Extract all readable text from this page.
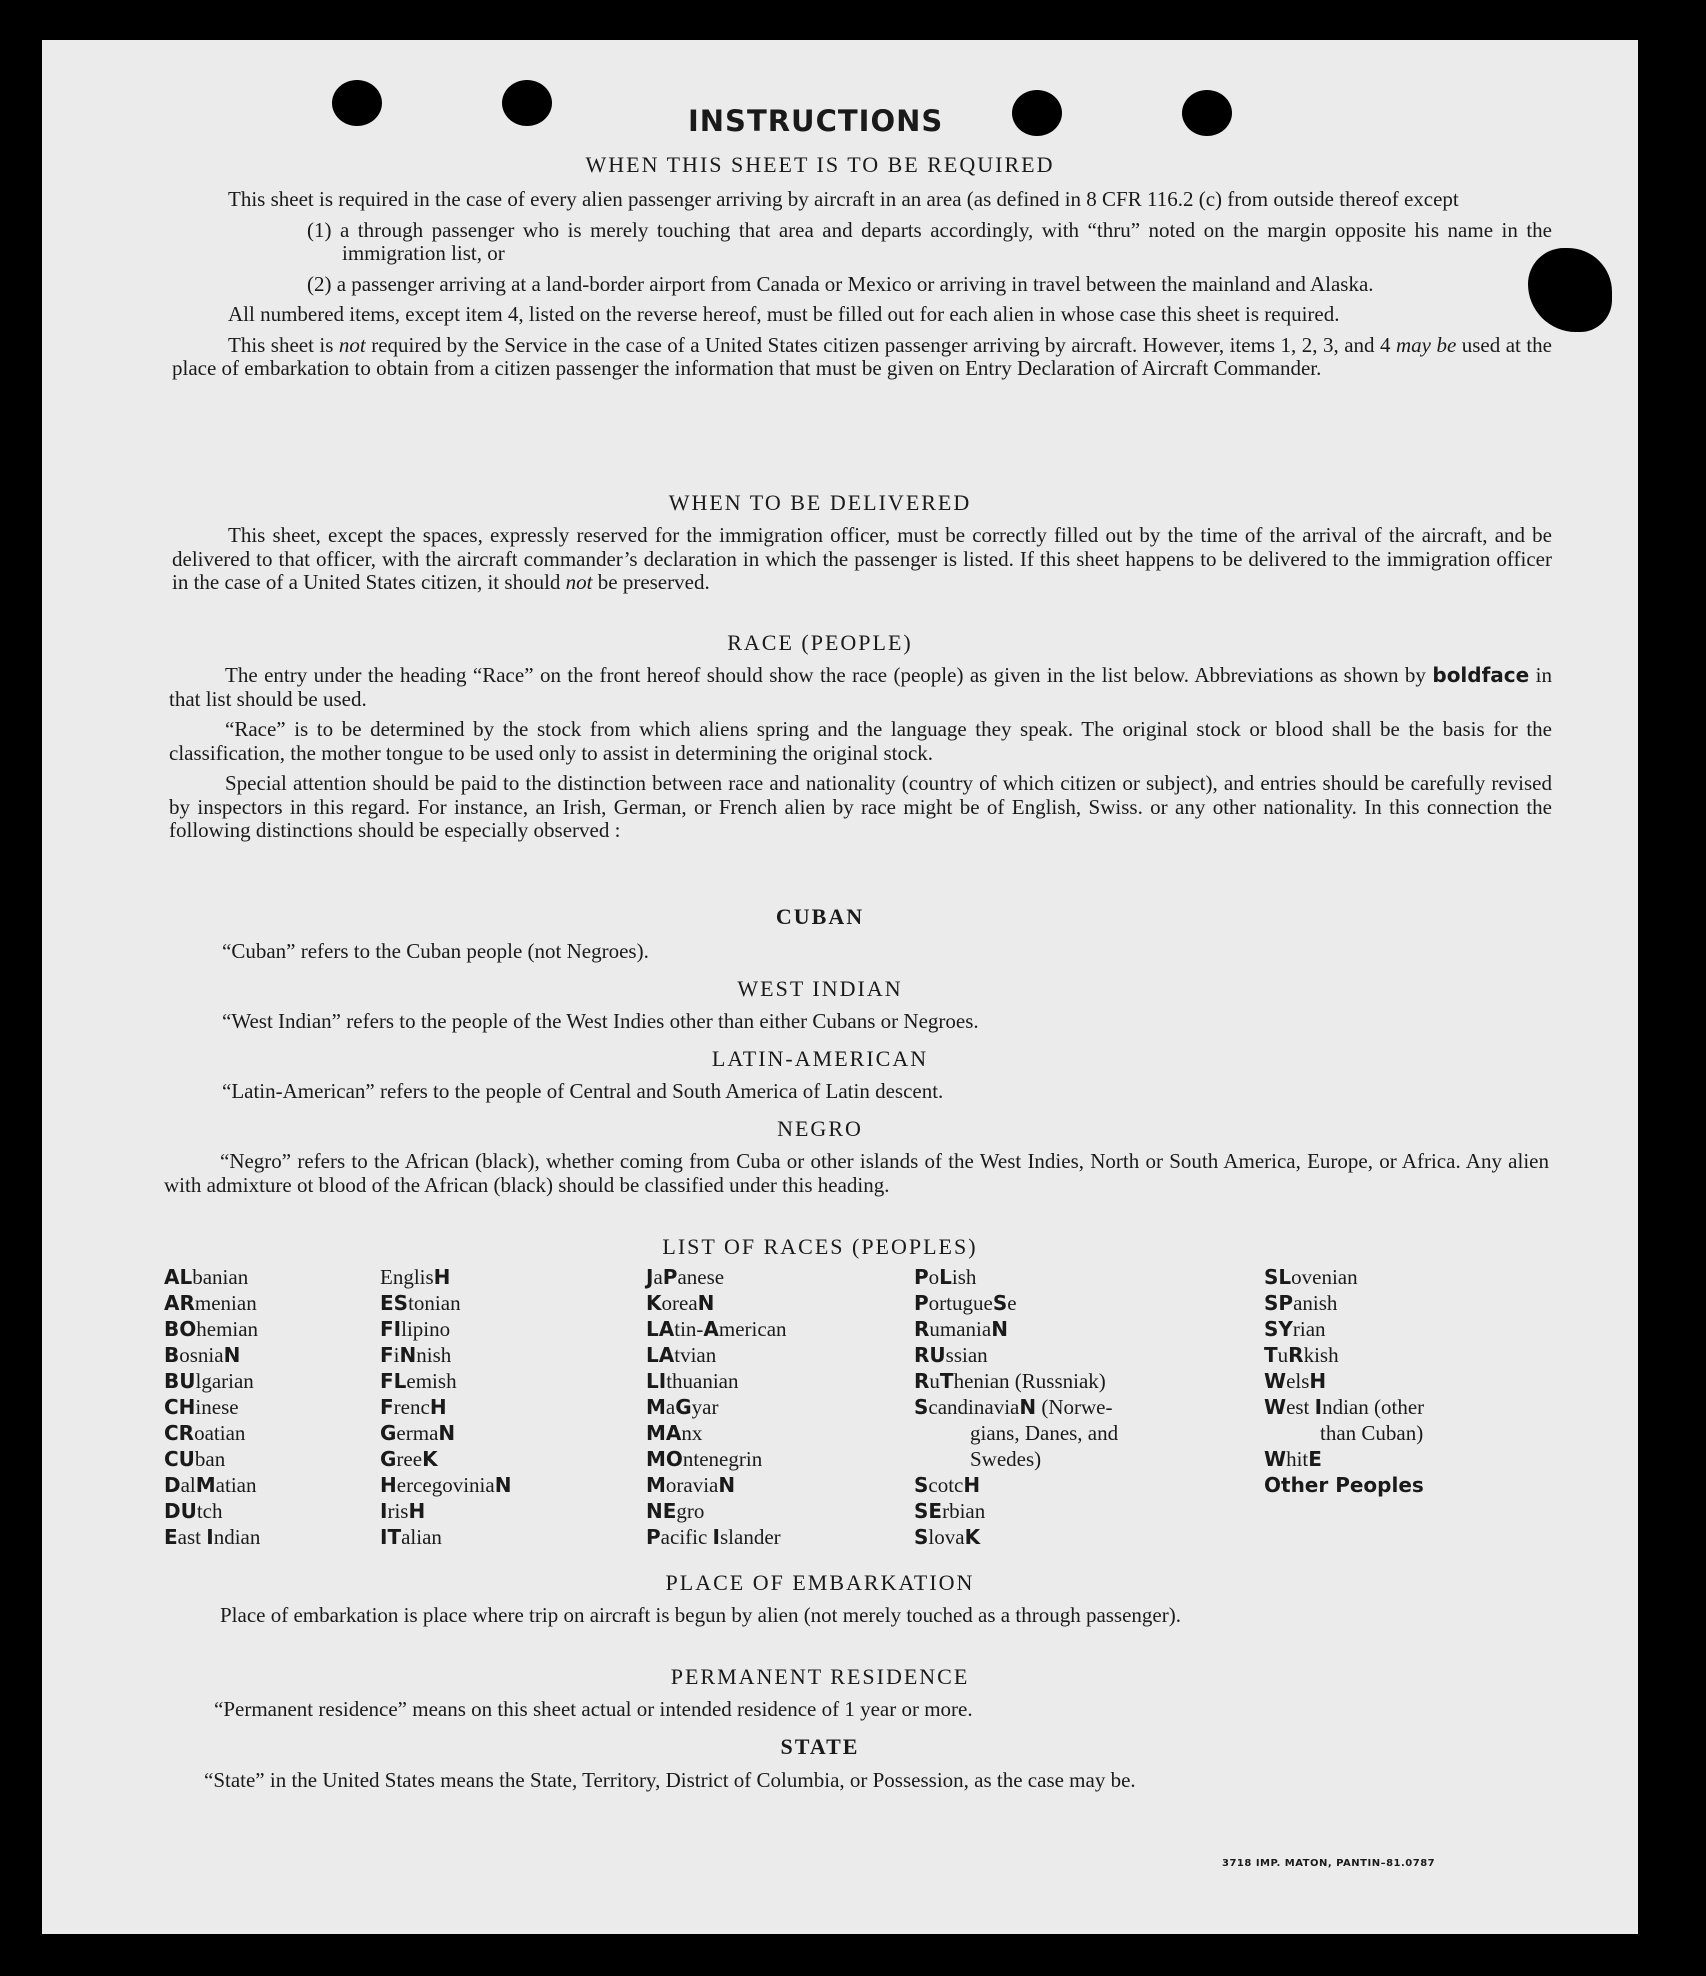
INSTRUCTIONS
WHEN THIS SHEET IS TO BE REQUIRED

This sheet is required in the case of every alien passenger arriving by aircraft in an area (as defined in 8 CFR 116.2 (c) from outside thereof except

(1) a through passenger who is merely touching that area and departs accordingly, with “thru” noted on the margin opposite his name in the immigration list, or

(2) a passenger arriving at a land-border airport from Canada or Mexico or arriving in travel between the mainland and Alaska.

All numbered items, except item 4, listed on the reverse hereof, must be filled out for each alien in whose case this sheet is required.

This sheet is not required by the Service in the case of a United States citizen passenger arriving by aircraft. However, items 1, 2, 3, and 4 may be used at the place of embarkation to obtain from a citizen passenger the information that must be given on Entry Declaration of Aircraft Commander.

WHEN TO BE DELIVERED

This sheet, except the spaces, expressly reserved for the immigration officer, must be correctly filled out by the time of the arrival of the aircraft, and be delivered to that officer, with the aircraft commander’s declaration in which the passenger is listed. If this sheet happens to be delivered to the immigration officer in the case of a United States citizen, it should not be preserved.

RACE (PEOPLE)

The entry under the heading “Race” on the front hereof should show the race (people) as given in the list below. Abbreviations as shown by boldface in that list should be used.

“Race” is to be determined by the stock from which aliens spring and the language they speak. The original stock or blood shall be the basis for the classification, the mother tongue to be used only to assist in determining the original stock.

Special attention should be paid to the distinction between race and nationality (country of which citizen or subject), and entries should be carefully revised by inspectors in this regard. For instance, an Irish, German, or French alien by race might be of English, Swiss. or any other nationality. In this connection the following distinctions should be especially observed :

CUBAN

“Cuban” refers to the Cuban people (not Negroes).

WEST INDIAN

“West Indian” refers to the people of the West Indies other than either Cubans or Negroes.

LATIN-AMERICAN

“Latin-American” refers to the people of Central and South America of Latin descent.

NEGRO

“Negro” refers to the African (black), whether coming from Cuba or other islands of the West Indies, North or South America, Europe, or Africa. Any alien with admixture ot blood of the African (black) should be classified under this heading.

LIST OF RACES (PEOPLES)
ALbanian
ARmenian
BOhemian
BosniaN
BUlgarian
CHinese
CRoatian
CUban
DalMatian
DUtch
East Indian
EnglisH
EStonian
FIlipino
FiNnish
FLemish
FrencH
GermaN
GreeK
HercegoviniaN
IrisH
ITalian
JaPanese
KoreaN
LAtin-American
LAtvian
LIthuanian
MaGyar
MAnx
MOntenegrin
MoraviaN
NEgro
Pacific Islander
PoLish
PortugueSe
RumaniaN
RUssian
RuThenian (Russniak)
ScandinaviaN (Norwe-
gians, Danes, and
Swedes)
ScotcH
SErbian
SlovaK
SLovenian
SPanish
SYrian
TuRkish
WelsH
West Indian (other
than Cuban)
WhitE
Other Peoples
PLACE OF EMBARKATION

Place of embarkation is place where trip on aircraft is begun by alien (not merely touched as a through passenger).

PERMANENT RESIDENCE

“Permanent residence” means on this sheet actual or intended residence of 1 year or more.

STATE

“State” in the United States means the State, Territory, District of Columbia, or Possession, as the case may be.

3718 IMP. MATON, PANTIN–81.0787
